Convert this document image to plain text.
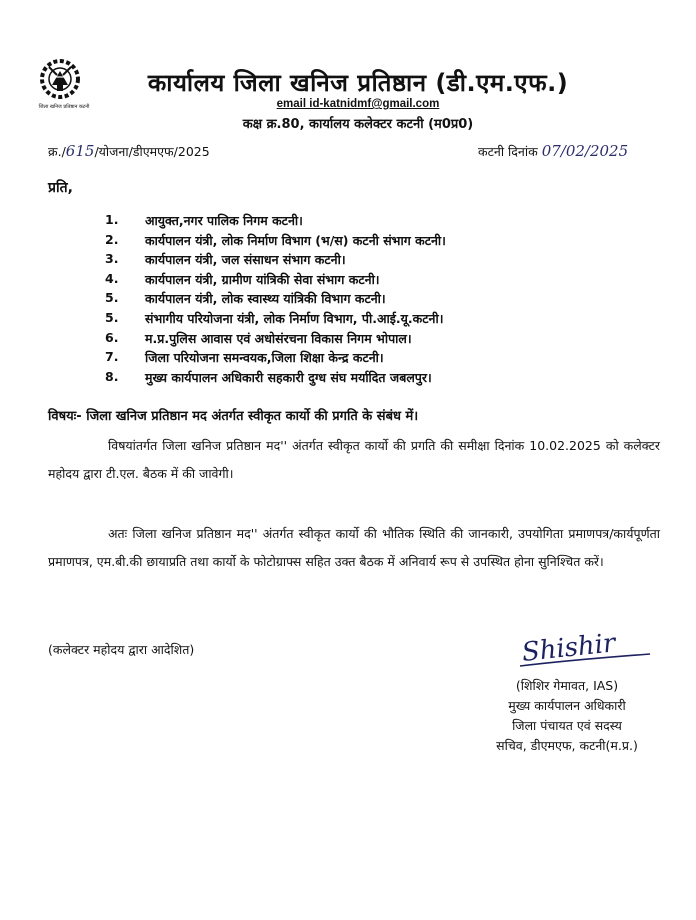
जिला खनिज प्रतिष्ठान कटनी
कार्यालय जिला खनिज प्रतिष्ठान (डी.एम.एफ.)
email id-katnidmf@gmail.com
कक्ष क्र.80, कार्यालय कलेक्टर कटनी (म0प्र0)
क्र./615/योजना/डीएमएफ/2025	कटनी दिनांक 07/02/2025
प्रति,
1.	आयुक्त,नगर पालिक निगम कटनी।
2.	कार्यपालन यंत्री, लोक निर्माण विभाग (भ/स) कटनी संभाग कटनी।
3.	कार्यपालन यंत्री, जल संसाधन संभाग कटनी।
4.	कार्यपालन यंत्री, ग्रामीण यांत्रिकी सेवा संभाग कटनी।
5.	कार्यपालन यंत्री, लोक स्वास्थ्य यांत्रिकी विभाग कटनी।
5.	संभागीय परियोजना यंत्री, लोक निर्माण विभाग, पी.आई.यू.कटनी।
6.	म.प्र.पुलिस आवास एवं अधोसंरचना विकास निगम भोपाल।
7.	जिला परियोजना समन्वयक,जिला शिक्षा केन्द्र कटनी।
8.	मुख्य कार्यपालन अधिकारी सहकारी दुग्ध संघ मर्यादित जबलपुर।
विषयः- जिला खनिज प्रतिष्ठान मद अंतर्गत स्वीकृत कार्यो की प्रगति के संबंध में।
विषयांतर्गत जिला खनिज प्रतिष्ठान मद'' अंतर्गत स्वीकृत कार्यो की प्रगति की समीक्षा दिनांक 10.02.2025 को कलेक्टर महोदय द्वारा टी.एल. बैठक में की जावेगी।
अतः जिला खनिज प्रतिष्ठान मद'' अंतर्गत स्वीकृत कार्यो की भौतिक स्थिति की जानकारी, उपयोगिता प्रमाणपत्र/कार्यपूर्णता प्रमाणपत्र, एम.बी.की छायाप्रति तथा कार्यो के फोटोग्राफ्स सहित उक्त बैठक में अनिवार्य रूप से उपस्थित होना सुनिश्चित करें।
(कलेक्टर महोदय द्वारा आदेशित)	Shishir
(शिशिर गेमावत, IAS)
मुख्य कार्यपालन अधिकारी
जिला पंचायत एवं सदस्य
सचिव, डीएमएफ, कटनी(म.प्र.)
